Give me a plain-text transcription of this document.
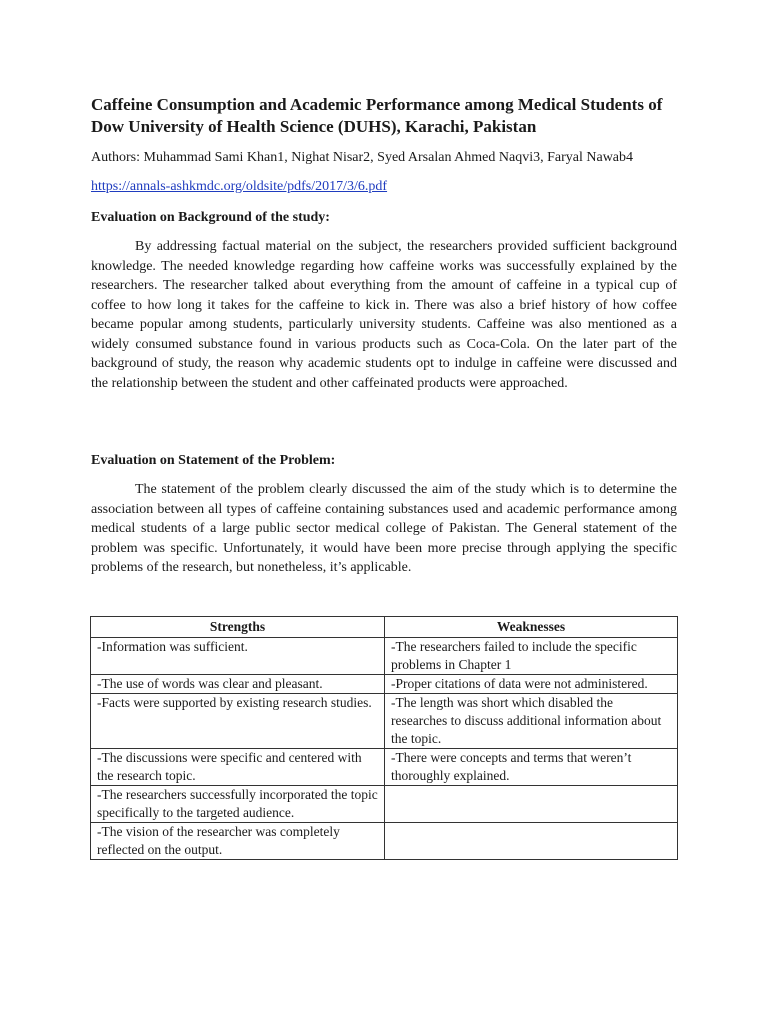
Caffeine Consumption and Academic Performance among Medical Students of Dow University of Health Science (DUHS), Karachi, Pakistan

Authors: Muhammad Sami Khan1, Nighat Nisar2, Syed Arsalan Ahmed Naqvi3, Faryal Nawab4

https://annals-ashkmdc.org/oldsite/pdfs/2017/3/6.pdf
Evaluation on Background of the study:

By addressing factual material on the subject, the researchers provided sufficient background knowledge. The needed knowledge regarding how caffeine works was successfully explained by the researchers. The researcher talked about everything from the amount of caffeine in a typical cup of coffee to how long it takes for the caffeine to kick in. There was also a brief history of how coffee became popular among students, particularly university students. Caffeine was also mentioned as a widely consumed substance found in various products such as Coca-Cola. On the later part of the background of study, the reason why academic students opt to indulge in caffeine were discussed and the relationship between the student and other caffeinated products were approached.

Evaluation on Statement of the Problem:

The statement of the problem clearly discussed the aim of the study which is to determine the association between all types of caffeine containing substances used and academic performance among medical students of a large public sector medical college of Pakistan. The General statement of the problem was specific. Unfortunately, it would have been more precise through applying the specific problems of the research, but nonetheless, it’s applicable.

Strengths	Weaknesses
-Information was sufficient.	-The researchers failed to include the specific problems in Chapter 1
-The use of words was clear and pleasant.	-Proper citations of data were not administered.
-Facts were supported by existing research studies.	-The length was short which disabled the researches to discuss additional information about the topic.
-The discussions were specific and centered with the research topic.	-There were concepts and terms that weren’t thoroughly explained.
-The researchers successfully incorporated the topic specifically to the targeted audience.	
-The vision of the researcher was completely reflected on the output.	
